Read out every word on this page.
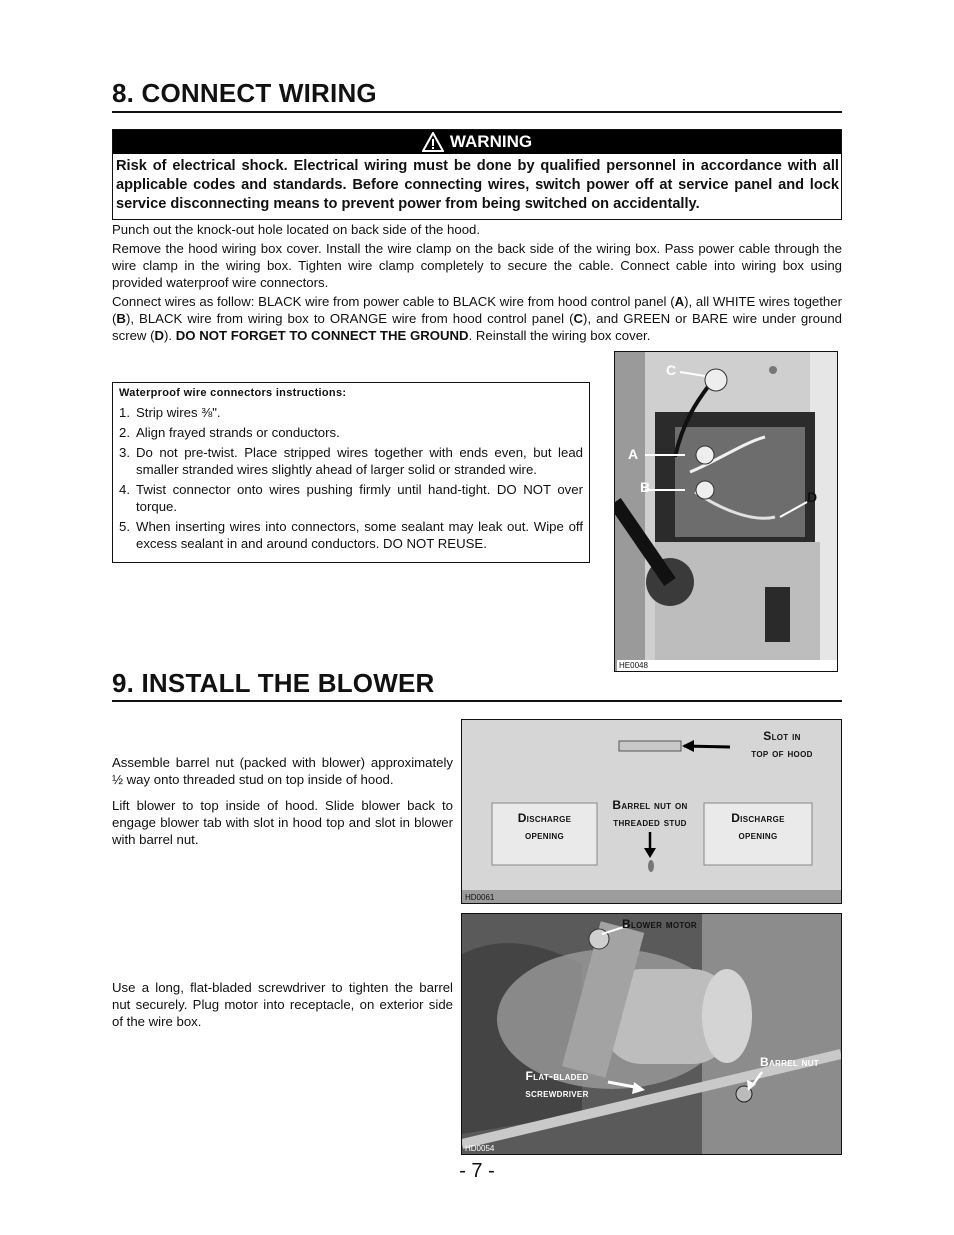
8. CONNECT WIRING
WARNING
Risk of electrical shock. Electrical wiring must be done by qualified personnel in accordance with all applicable codes and standards. Before connecting wires, switch power off at service panel and lock service disconnecting means to prevent power from being switched on accidentally.

Punch out the knock-out hole located on back side of the hood.

Remove the hood wiring box cover. Install the wire clamp on the back side of the wiring box. Pass power cable through the wire clamp in the wiring box. Tighten wire clamp completely to secure the cable. Connect cable into wiring box using provided waterproof wire connectors.

Connect wires as follow: BLACK wire from power cable to BLACK wire from hood control panel (A), all WHITE wires together (B), BLACK wire from wiring box to ORANGE wire from hood control panel (C), and GREEN or BARE wire under ground screw (D). DO NOT FORGET TO CONNECT THE GROUND. Reinstall the wiring box cover.

Waterproof wire connectors instructions:
1. Strip wires ⅜".
2. Align frayed strands or conductors.
3. Do not pre-twist. Place stripped wires together with ends even, but lead smaller stranded wires slightly ahead of larger solid or stranded wire.
4. Twist connector onto wires pushing firmly until hand-tight. DO NOT over torque.
5. When inserting wires into connectors, some sealant may leak out. Wipe off excess sealant in and around conductors. DO NOT REUSE.
C
A
B
D
HE0048
9. INSTALL THE BLOWER

Assemble barrel nut (packed with blower) approximately ½ way onto threaded stud on top inside of hood.

Lift blower to top inside of hood. Slide blower back to engage blower tab with slot in hood top and slot in blower with barrel nut.

Use a long, flat-bladed screwdriver to tighten the barrel nut securely. Plug motor into receptacle, on exterior side of the wire box.

Slot in
top of hood
Discharge
opening
Barrel nut on
threaded stud	Discharge
opening
HD0061
Blower motor
Barrel nut
Flat-bladed
screwdriver
HD0054
- 7 -
